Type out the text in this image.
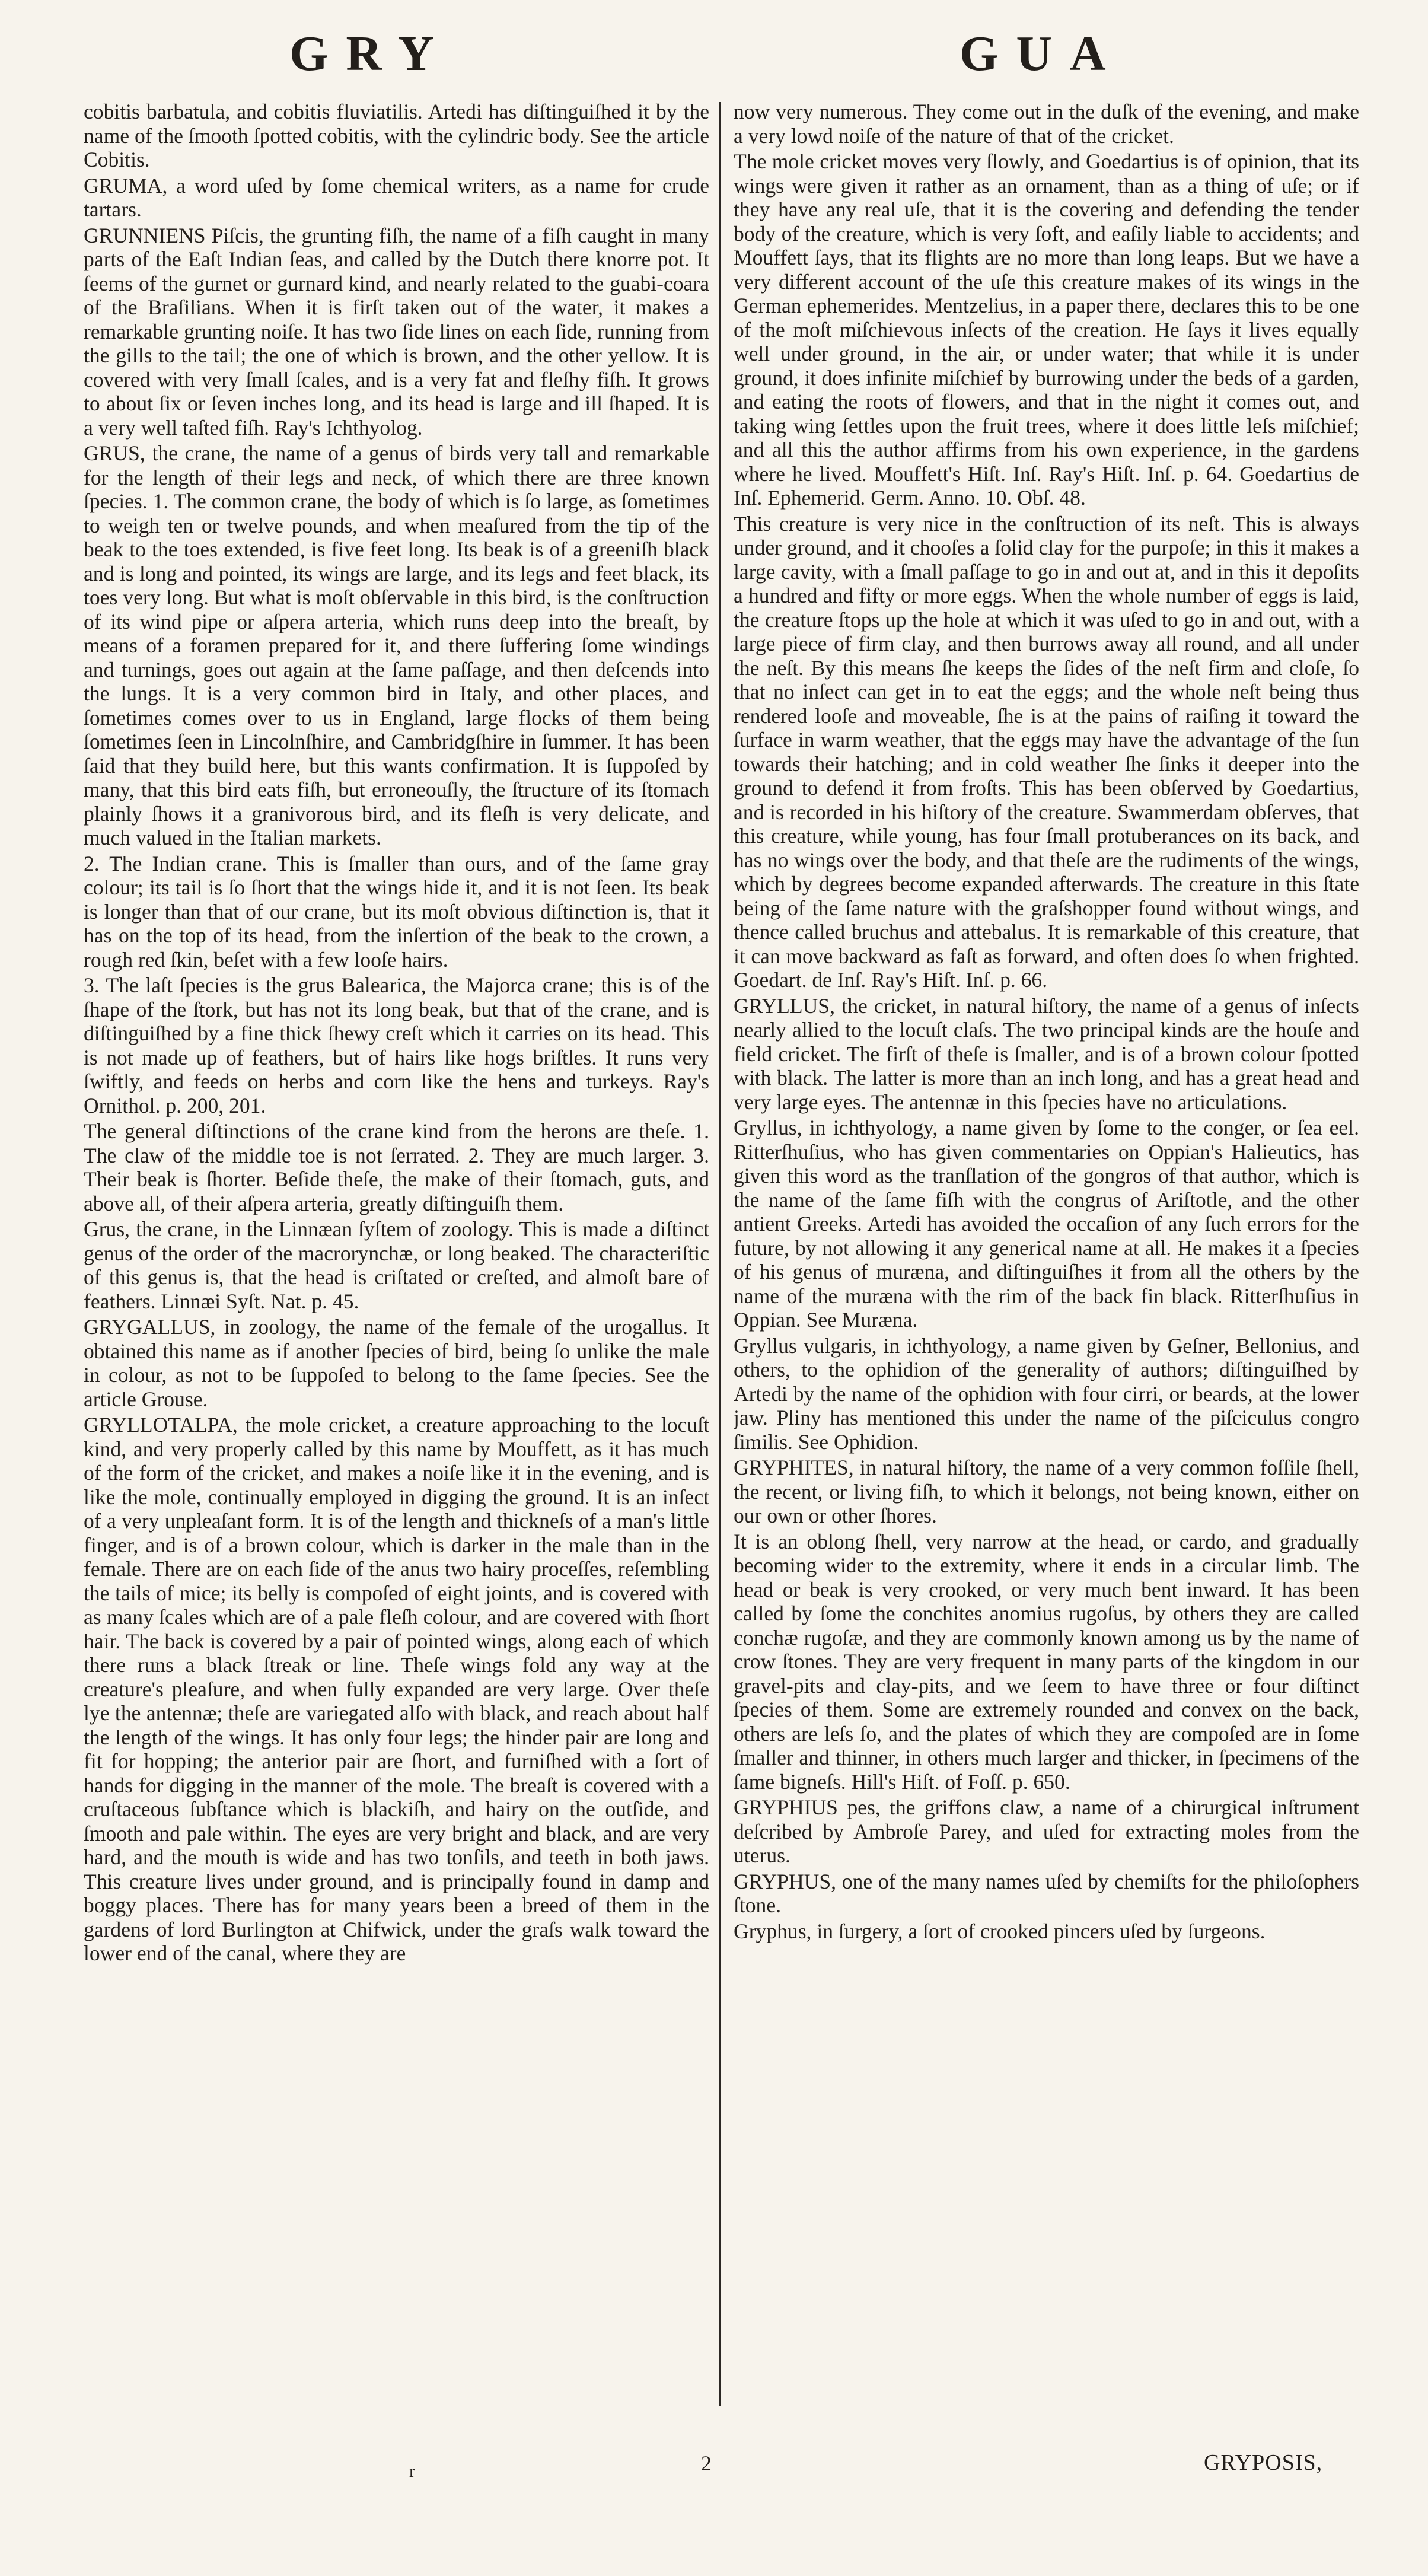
GRY	GUA

cobitis barbatula, and cobitis fluviatilis. Artedi has diſtinguiſhed it by the name of the ſmooth ſpotted cobitis, with the cylindric body. See the article Cobitis.

GRUMA, a word uſed by ſome chemical writers, as a name for crude tartars.

GRUNNIENS Piſcis, the grunting fiſh, the name of a fiſh caught in many parts of the Eaſt Indian ſeas, and called by the Dutch there knorre pot. It ſeems of the gurnet or gurnard kind, and nearly related to the guabi-coara of the Braſilians. When it is firſt taken out of the water, it makes a remarkable grunting noiſe. It has two ſide lines on each ſide, running from the gills to the tail; the one of which is brown, and the other yellow. It is covered with very ſmall ſcales, and is a very fat and fleſhy fiſh. It grows to about ſix or ſeven inches long, and its head is large and ill ſhaped. It is a very well taſted fiſh. Ray's Ichthyolog.

GRUS, the crane, the name of a genus of birds very tall and remarkable for the length of their legs and neck, of which there are three known ſpecies. 1. The common crane, the body of which is ſo large, as ſometimes to weigh ten or twelve pounds, and when meaſured from the tip of the beak to the toes extended, is five feet long. Its beak is of a greeniſh black and is long and pointed, its wings are large, and its legs and feet black, its toes very long. But what is moſt obſervable in this bird, is the conſtruction of its wind pipe or aſpera arteria, which runs deep into the breaſt, by means of a foramen prepared for it, and there ſuffering ſome windings and turnings, goes out again at the ſame paſſage, and then deſcends into the lungs. It is a very common bird in Italy, and other places, and ſometimes comes over to us in England, large flocks of them being ſometimes ſeen in Lincolnſhire, and Cambridgſhire in ſummer. It has been ſaid that they build here, but this wants confirmation. It is ſuppoſed by many, that this bird eats fiſh, but erroneouſly, the ſtructure of its ſtomach plainly ſhows it a granivorous bird, and its fleſh is very delicate, and much valued in the Italian markets.

2. The Indian crane. This is ſmaller than ours, and of the ſame gray colour; its tail is ſo ſhort that the wings hide it, and it is not ſeen. Its beak is longer than that of our crane, but its moſt obvious diſtinction is, that it has on the top of its head, from the inſertion of the beak to the crown, a rough red ſkin, beſet with a few looſe hairs.

3. The laſt ſpecies is the grus Balearica, the Majorca crane; this is of the ſhape of the ſtork, but has not its long beak, but that of the crane, and is diſtinguiſhed by a fine thick ſhewy creſt which it carries on its head. This is not made up of feathers, but of hairs like hogs briſtles. It runs very ſwiftly, and feeds on herbs and corn like the hens and turkeys. Ray's Ornithol. p. 200, 201.

The general diſtinctions of the crane kind from the herons are theſe. 1. The claw of the middle toe is not ſerrated. 2. They are much larger. 3. Their beak is ſhorter. Beſide theſe, the make of their ſtomach, guts, and above all, of their aſpera arteria, greatly diſtinguiſh them.

Grus, the crane, in the Linnæan ſyſtem of zoology. This is made a diſtinct genus of the order of the macrorynchæ, or long beaked. The characteriſtic of this genus is, that the head is criſtated or creſted, and almoſt bare of feathers. Linnæi Syſt. Nat. p. 45.

GRYGALLUS, in zoology, the name of the female of the urogallus. It obtained this name as if another ſpecies of bird, being ſo unlike the male in colour, as not to be ſuppoſed to belong to the ſame ſpecies. See the article Grouse.

GRYLLOTALPA, the mole cricket, a creature approaching to the locuſt kind, and very properly called by this name by Mouffett, as it has much of the form of the cricket, and makes a noiſe like it in the evening, and is like the mole, continually employed in digging the ground. It is an inſect of a very unpleaſant form. It is of the length and thickneſs of a man's little finger, and is of a brown colour, which is darker in the male than in the female. There are on each ſide of the anus two hairy proceſſes, reſembling the tails of mice; its belly is compoſed of eight joints, and is covered with as many ſcales which are of a pale fleſh colour, and are covered with ſhort hair. The back is covered by a pair of pointed wings, along each of which there runs a black ſtreak or line. Theſe wings fold any way at the creature's pleaſure, and when fully expanded are very large. Over theſe lye the antennæ; theſe are variegated alſo with black, and reach about half the length of the wings. It has only four legs; the hinder pair are long and fit for hopping; the anterior pair are ſhort, and furniſhed with a ſort of hands for digging in the manner of the mole. The breaſt is covered with a cruſtaceous ſubſtance which is blackiſh, and hairy on the outſide, and ſmooth and pale within. The eyes are very bright and black, and are very hard, and the mouth is wide and has two tonſils, and teeth in both jaws. This creature lives under ground, and is principally found in damp and boggy places. There has for many years been a breed of them in the gardens of lord Burlington at Chifwick, under the graſs walk toward the lower end of the canal, where they are

now very numerous. They come out in the duſk of the evening, and make a very lowd noiſe of the nature of that of the cricket.

The mole cricket moves very ſlowly, and Goedartius is of opinion, that its wings were given it rather as an ornament, than as a thing of uſe; or if they have any real uſe, that it is the covering and defending the tender body of the creature, which is very ſoft, and eaſily liable to accidents; and Mouffett ſays, that its flights are no more than long leaps. But we have a very different account of the uſe this creature makes of its wings in the German ephemerides. Mentzelius, in a paper there, declares this to be one of the moſt miſchievous inſects of the creation. He ſays it lives equally well under ground, in the air, or under water; that while it is under ground, it does infinite miſchief by burrowing under the beds of a garden, and eating the roots of flowers, and that in the night it comes out, and taking wing ſettles upon the fruit trees, where it does little leſs miſchief; and all this the author affirms from his own experience, in the gardens where he lived. Mouffett's Hiſt. Inſ. Ray's Hiſt. Inſ. p. 64. Goedartius de Inſ. Ephemerid. Germ. Anno. 10. Obſ. 48.

This creature is very nice in the conſtruction of its neſt. This is always under ground, and it chooſes a ſolid clay for the purpoſe; in this it makes a large cavity, with a ſmall paſſage to go in and out at, and in this it depoſits a hundred and fifty or more eggs. When the whole number of eggs is laid, the creature ſtops up the hole at which it was uſed to go in and out, with a large piece of firm clay, and then burrows away all round, and all under the neſt. By this means ſhe keeps the ſides of the neſt firm and cloſe, ſo that no inſect can get in to eat the eggs; and the whole neſt being thus rendered looſe and moveable, ſhe is at the pains of raiſing it toward the ſurface in warm weather, that the eggs may have the advantage of the ſun towards their hatching; and in cold weather ſhe ſinks it deeper into the ground to defend it from froſts. This has been obſerved by Goedartius, and is recorded in his hiſtory of the creature. Swammerdam obſerves, that this creature, while young, has four ſmall protuberances on its back, and has no wings over the body, and that theſe are the rudiments of the wings, which by degrees become expanded afterwards. The creature in this ſtate being of the ſame nature with the graſshopper found without wings, and thence called bruchus and attebalus. It is remarkable of this creature, that it can move backward as faſt as forward, and often does ſo when frighted. Goedart. de Inſ. Ray's Hiſt. Inſ. p. 66.

GRYLLUS, the cricket, in natural hiſtory, the name of a genus of inſects nearly allied to the locuſt claſs. The two principal kinds are the houſe and field cricket. The firſt of theſe is ſmaller, and is of a brown colour ſpotted with black. The latter is more than an inch long, and has a great head and very large eyes. The antennæ in this ſpecies have no articulations.

Gryllus, in ichthyology, a name given by ſome to the conger, or ſea eel. Ritterſhuſius, who has given commentaries on Oppian's Halieutics, has given this word as the tranſlation of the gongros of that author, which is the name of the ſame fiſh with the congrus of Ariſtotle, and the other antient Greeks. Artedi has avoided the occaſion of any ſuch errors for the future, by not allowing it any generical name at all. He makes it a ſpecies of his genus of muræna, and diſtinguiſhes it from all the others by the name of the muræna with the rim of the back fin black. Ritterſhuſius in Oppian. See Muræna.

Gryllus vulgaris, in ichthyology, a name given by Geſner, Bellonius, and others, to the ophidion of the generality of authors; diſtinguiſhed by Artedi by the name of the ophidion with four cirri, or beards, at the lower jaw. Pliny has mentioned this under the name of the piſciculus congro ſimilis. See Ophidion.

GRYPHITES, in natural hiſtory, the name of a very common foſſile ſhell, the recent, or living fiſh, to which it belongs, not being known, either on our own or other ſhores.

It is an oblong ſhell, very narrow at the head, or cardo, and gradually becoming wider to the extremity, where it ends in a circular limb. The head or beak is very crooked, or very much bent inward. It has been called by ſome the conchites anomius rugoſus, by others they are called conchæ rugoſæ, and they are commonly known among us by the name of crow ſtones. They are very frequent in many parts of the kingdom in our gravel-pits and clay-pits, and we ſeem to have three or four diſtinct ſpecies of them. Some are extremely rounded and convex on the back, others are leſs ſo, and the plates of which they are compoſed are in ſome ſmaller and thinner, in others much larger and thicker, in ſpecimens of the ſame bigneſs. Hill's Hiſt. of Foſſ. p. 650.

GRYPHIUS pes, the griffons claw, a name of a chirurgical inſtrument deſcribed by Ambroſe Parey, and uſed for extracting moles from the uterus.

GRYPHUS, one of the many names uſed by chemiſts for the philoſophers ſtone.

Gryphus, in ſurgery, a ſort of crooked pincers uſed by ſurgeons.

r	2	GRYPOSIS,
